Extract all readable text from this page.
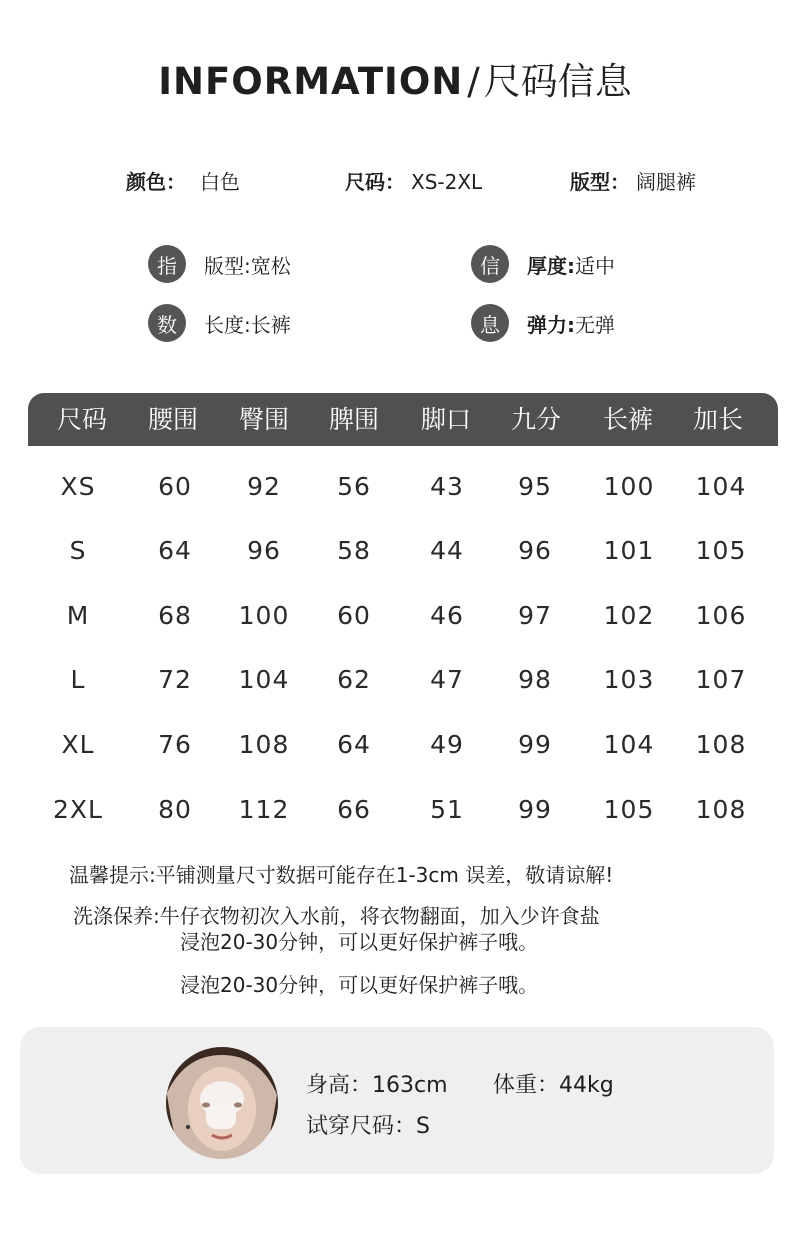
INFORMATION / 尺码信息
颜色： 白色	尺码： XS-2XL	版型： 阔腿裤
指	版型: 宽松	信	厚度: 适中
数	长度: 长裤	息	弹力: 无弹
尺码	腰围	臀围	脾围	脚口	九分	长裤	加长
XS	60	92	56	43	95	100	104
S	64	96	58	44	96	101	105
M	68	100	60	46	97	102	106
L	72	104	62	47	98	103	107
XL	76	108	64	49	99	104	108
2XL	80	112	66	51	99	105	108
温馨提示:平铺测量尺寸数据可能存在1-3cm 误差，敬请谅解!
洗涤保养:牛仔衣物初次入水前，将衣物翻面，加入少许食盐
浸泡20-30分钟，可以更好保护裤子哦。
浸泡20-30分钟，可以更好保护裤子哦。
身高：163cm 体重：44kg
试穿尺码：S
